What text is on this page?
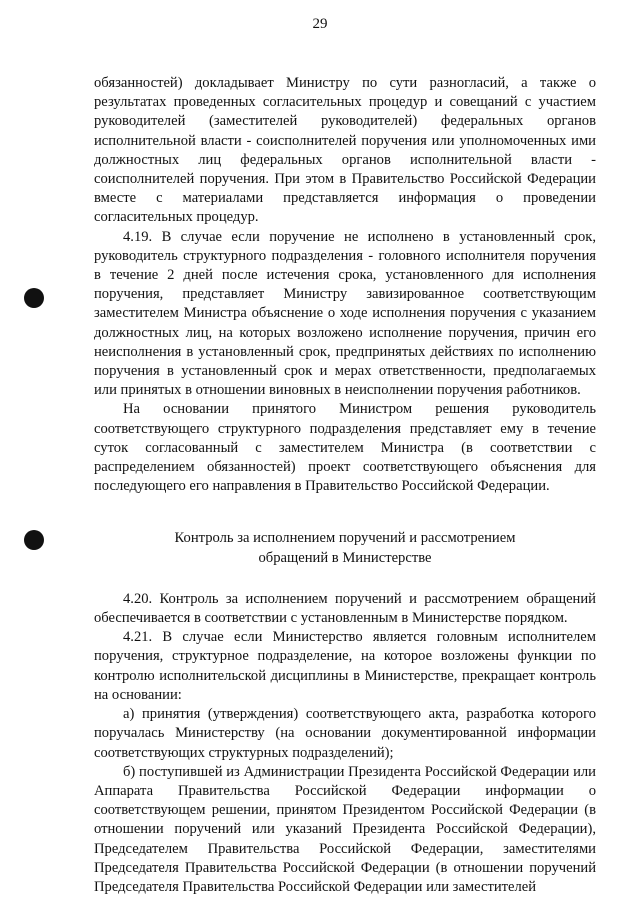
29

обязанностей) докладывает Министру по сути разногласий, а также о результатах проведенных согласительных процедур и совещаний с участием руководителей (заместителей руководителей) федеральных органов исполнительной власти - соисполнителей поручения или уполномоченных ими должностных лиц федеральных органов исполнительной власти - соисполнителей поручения. При этом в Правительство Российской Федерации вместе с материалами представляется информация о проведении согласительных процедур.

4.19. В случае если поручение не исполнено в установленный срок, руководитель структурного подразделения - головного исполнителя поручения в течение 2 дней после истечения срока, установленного для исполнения поручения, представляет Министру завизированное соответствующим заместителем Министра объяснение о ходе исполнения поручения с указанием должностных лиц, на которых возложено исполнение поручения, причин его неисполнения в установленный срок, предпринятых действиях по исполнению поручения в установленный срок и мерах ответственности, предполагаемых или принятых в отношении виновных в неисполнении поручения работников.

На основании принятого Министром решения руководитель соответствующего структурного подразделения представляет ему в течение суток согласованный с заместителем Министра (в соответствии с распределением обязанностей) проект соответствующего объяснения для последующего его направления в Правительство Российской Федерации.

Контроль за исполнением поручений и рассмотрением

обращений в Министерстве

4.20. Контроль за исполнением поручений и рассмотрением обращений обеспечивается в соответствии с установленным в Министерстве порядком.

4.21. В случае если Министерство является головным исполнителем поручения, структурное подразделение, на которое возложены функции по контролю исполнительской дисциплины в Министерстве, прекращает контроль на основании:

а) принятия (утверждения) соответствующего акта, разработка которого поручалась Министерству (на основании документированной информации соответствующих структурных подразделений);

б) поступившей из Администрации Президента Российской Федерации или Аппарата Правительства Российской Федерации информации о соответствующем решении, принятом Президентом Российской Федерации (в отношении поручений или указаний Президента Российской Федерации), Председателем Правительства Российской Федерации, заместителями Председателя Правительства Российской Федерации (в отношении поручений Председателя Правительства Российской Федерации или заместителей
